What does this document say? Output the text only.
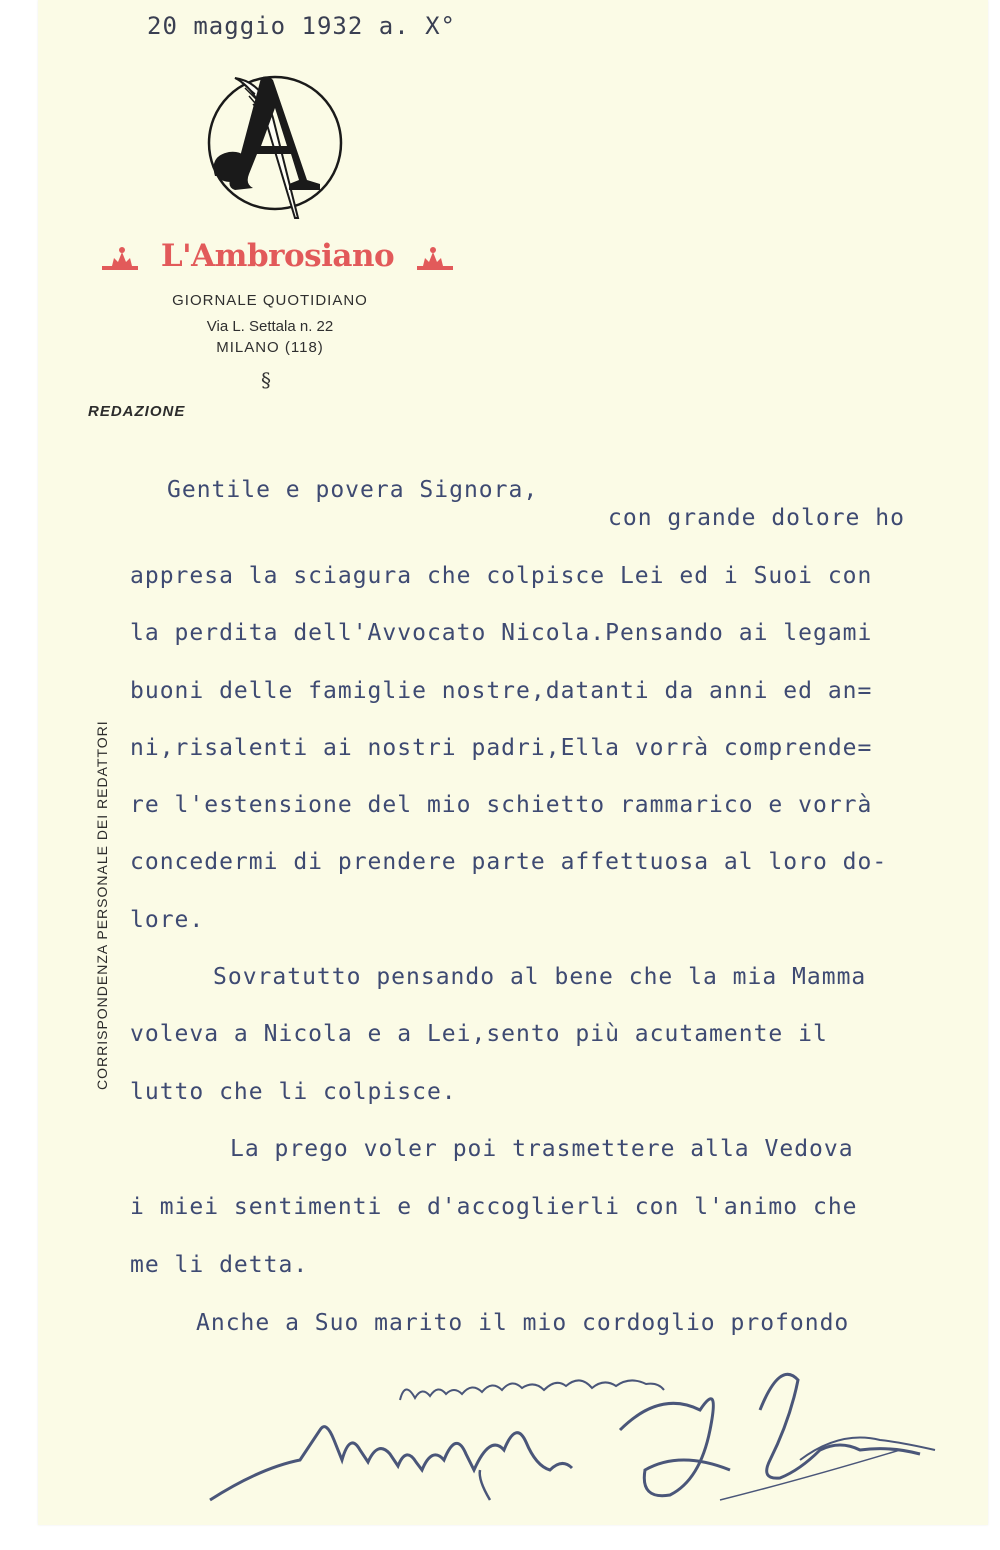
20 maggio 1932 a. X°
L'Ambrosiano
GIORNALE QUOTIDIANO
Via L. Settala n. 22
MILANO (118)
§
REDAZIONE
CORRISPONDENZA PERSONALE DEI REDATTORI
Gentile e povera Signora,
con grande dolore ho
appresa la sciagura che colpisce Lei ed i Suoi con
la perdita dell'Avvocato Nicola.Pensando ai legami
buoni delle famiglie nostre,datanti da anni ed an=
ni,risalenti ai nostri padri,Ella vorrà comprende=
re l'estensione del mio schietto rammarico e vorrà
concedermi di prendere parte affettuosa al loro do-
lore.
Sovratutto pensando al bene che la mia Mamma
voleva a Nicola e a Lei,sento più acutamente il
lutto che li colpisce.
La prego voler poi trasmettere alla Vedova
i miei sentimenti e d'accoglierli con l'animo che
me li detta.
Anche a Suo marito il mio cordoglio profondo
